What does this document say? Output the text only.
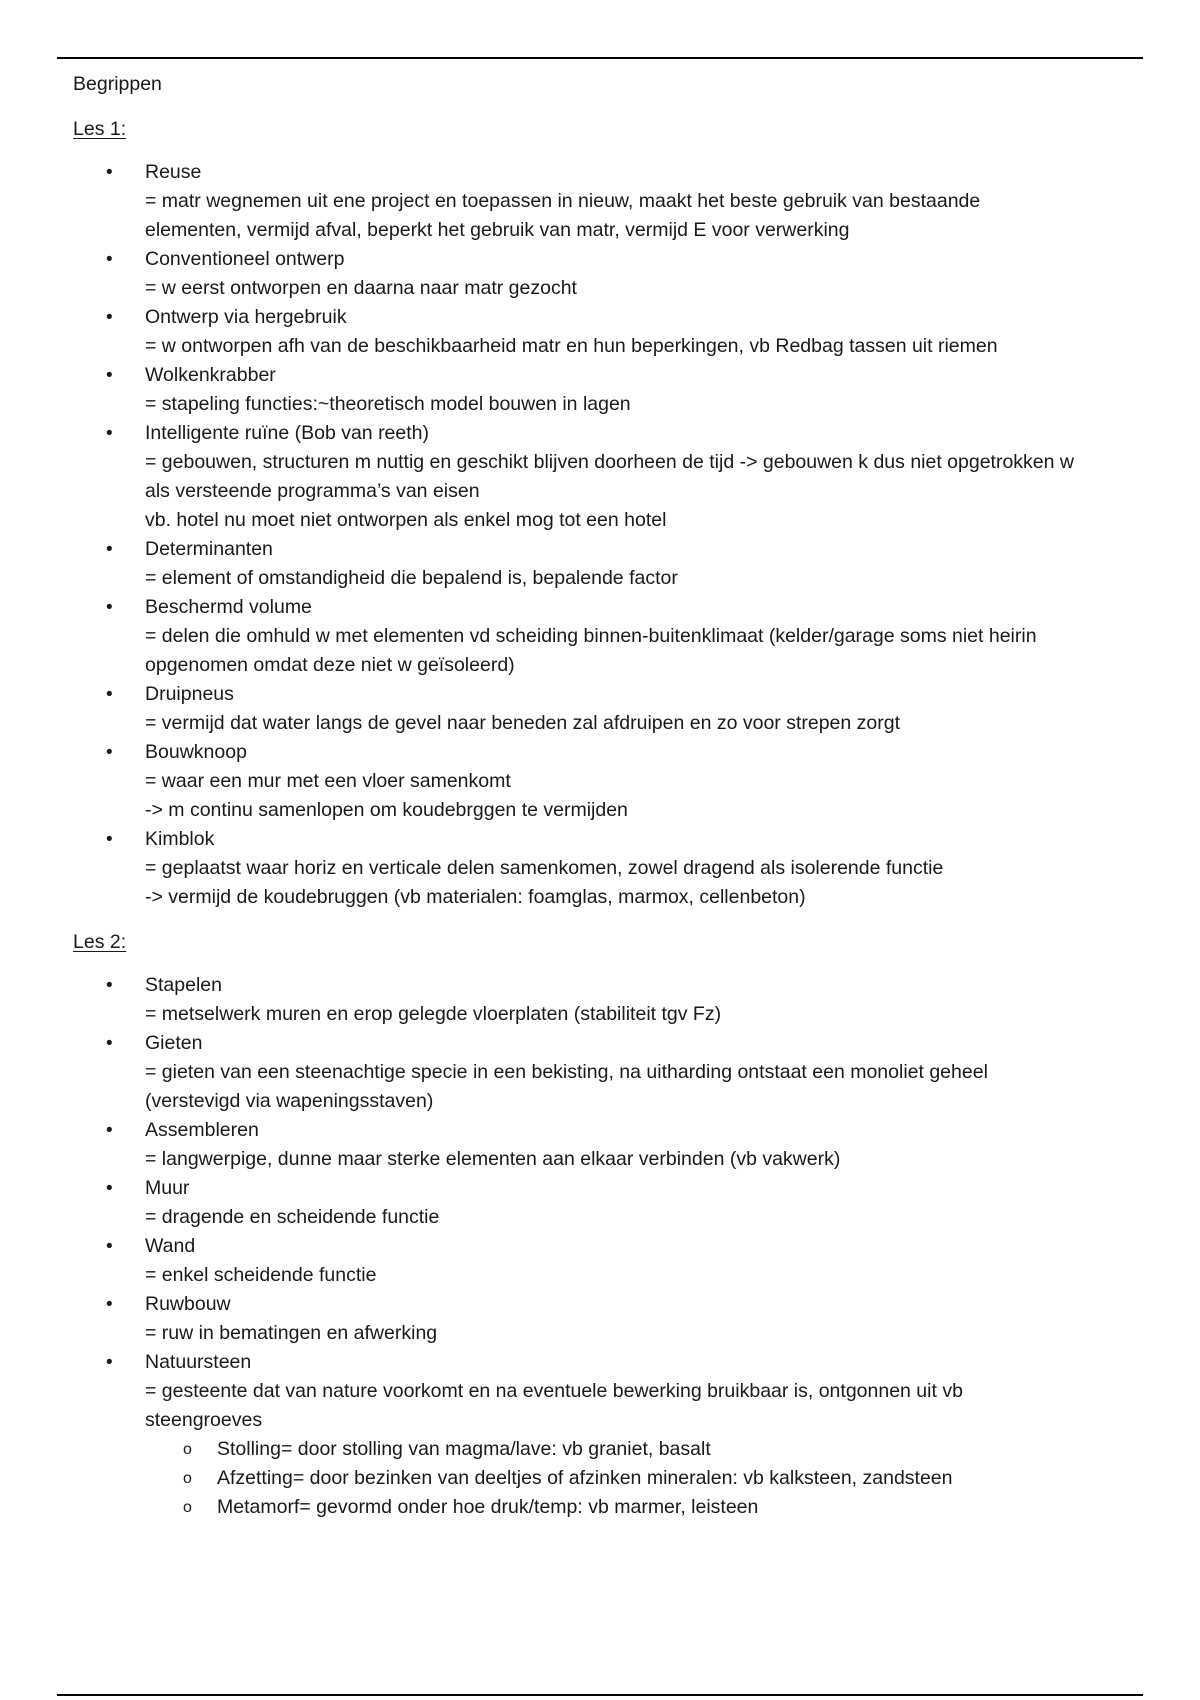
Begrippen
Les 1:
• Reuse
= matr wegnemen uit ene project en toepassen in nieuw, maakt het beste gebruik van bestaande
elementen, vermijd afval, beperkt het gebruik van matr, vermijd E voor verwerking
• Conventioneel ontwerp
= w eerst ontworpen en daarna naar matr gezocht
• Ontwerp via hergebruik
= w ontworpen afh van de beschikbaarheid matr en hun beperkingen, vb Redbag tassen uit riemen
• Wolkenkrabber
= stapeling functies:~theoretisch model bouwen in lagen
• Intelligente ruïne (Bob van reeth)
= gebouwen, structuren m nuttig en geschikt blijven doorheen de tijd -> gebouwen k dus niet opgetrokken w
als versteende programma’s van eisen
vb. hotel nu moet niet ontworpen als enkel mog tot een hotel
• Determinanten
= element of omstandigheid die bepalend is, bepalende factor
• Beschermd volume
= delen die omhuld w met elementen vd scheiding binnen-buitenklimaat (kelder/garage soms niet heirin
opgenomen omdat deze niet w geïsoleerd)
• Druipneus
= vermijd dat water langs de gevel naar beneden zal afdruipen en zo voor strepen zorgt
• Bouwknoop
= waar een mur met een vloer samenkomt
-> m continu samenlopen om koudebrggen te vermijden
• Kimblok
= geplaatst waar horiz en verticale delen samenkomen, zowel dragend als isolerende functie
-> vermijd de koudebruggen (vb materialen: foamglas, marmox, cellenbeton)
Les 2:
• Stapelen
= metselwerk muren en erop gelegde vloerplaten (stabiliteit tgv Fz)
• Gieten
= gieten van een steenachtige specie in een bekisting, na uitharding ontstaat een monoliet geheel
(verstevigd via wapeningsstaven)
• Assembleren
= langwerpige, dunne maar sterke elementen aan elkaar verbinden (vb vakwerk)
• Muur
= dragende en scheidende functie
• Wand
= enkel scheidende functie
• Ruwbouw
= ruw in bematingen en afwerking
• Natuursteen
= gesteente dat van nature voorkomt en na eventuele bewerking bruikbaar is, ontgonnen uit vb
steengroeves
o Stolling= door stolling van magma/lave: vb graniet, basalt
o Afzetting= door bezinken van deeltjes of afzinken mineralen: vb kalksteen, zandsteen
o Metamorf= gevormd onder hoe druk/temp: vb marmer, leisteen
